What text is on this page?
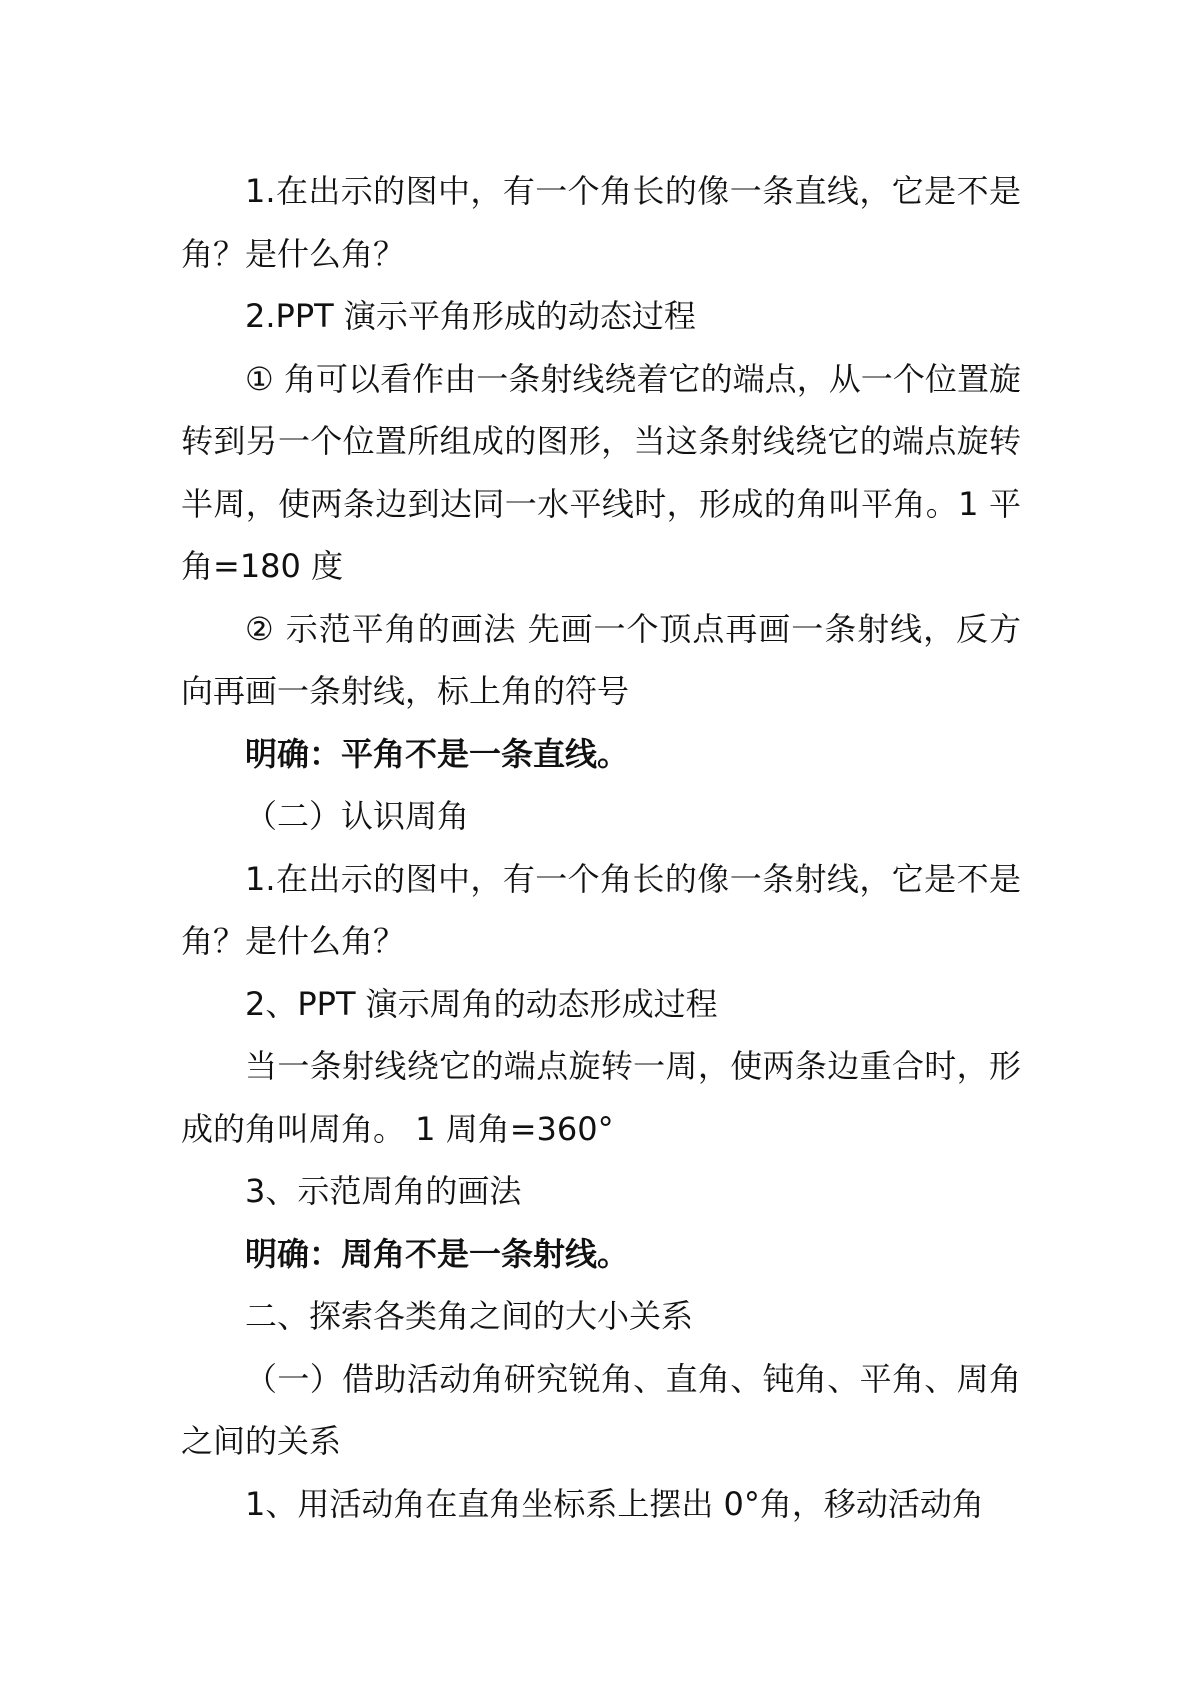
1.在出示的图中，有一个角长的像一条直线，它是不是角？是什么角？

2.PPT 演示平角形成的动态过程

① 角可以看作由一条射线绕着它的端点，从一个位置旋转到另一个位置所组成的图形，当这条射线绕它的端点旋转半周，使两条边到达同一水平线时，形成的角叫平角。1 平角=180 度

② 示范平角的画法 先画一个顶点再画一条射线，反方向再画一条射线，标上角的符号

明确：平角不是一条直线。

（二）认识周角

1.在出示的图中，有一个角长的像一条射线，它是不是角？是什么角？

2、PPT 演示周角的动态形成过程

当一条射线绕它的端点旋转一周，使两条边重合时，形成的角叫周角。 1 周角=360°

3、示范周角的画法

明确：周角不是一条射线。

二、探索各类角之间的大小关系

（一）借助活动角研究锐角、直角、钝角、平角、周角之间的关系

1、用活动角在直角坐标系上摆出 0°角，移动活动角
